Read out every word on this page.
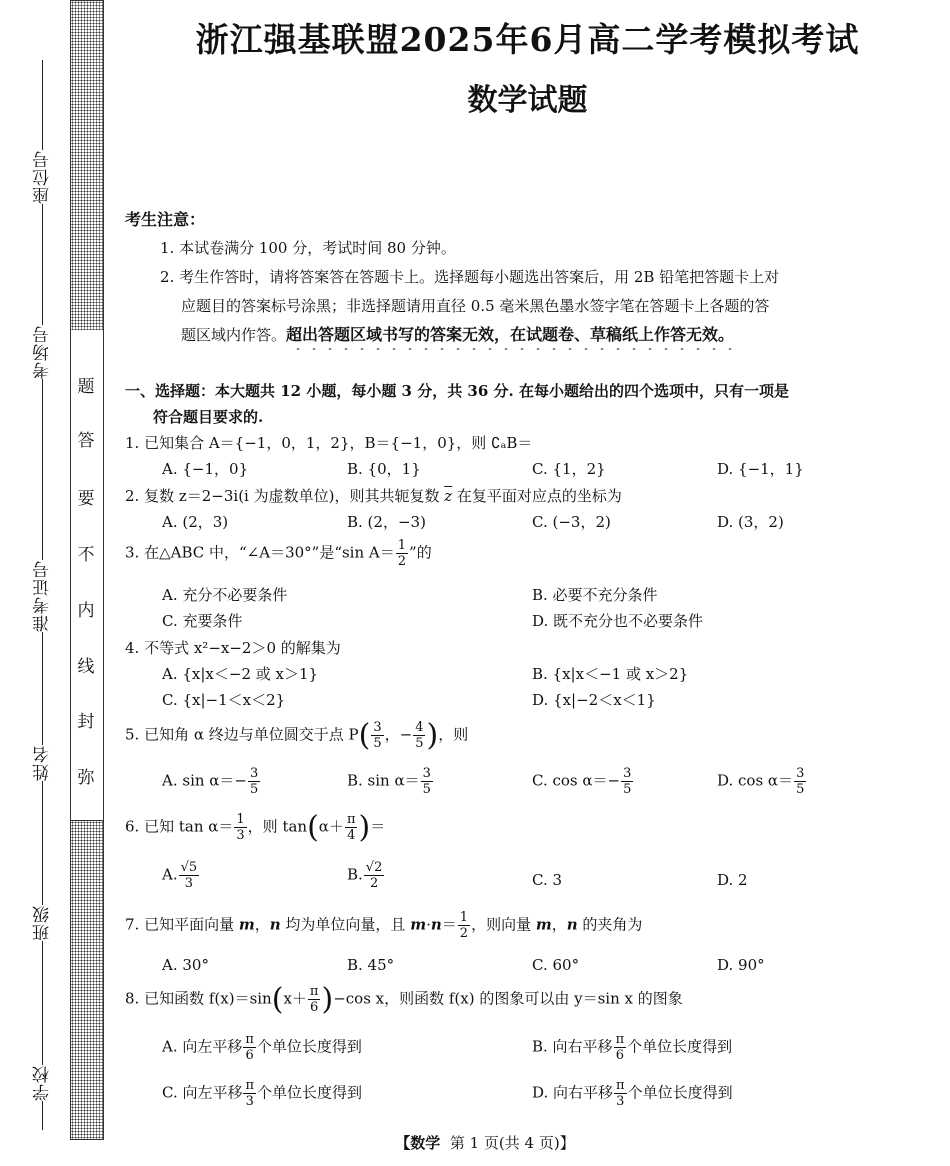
座位号
考场号
准考证号
姓名
班级
学校
题
答
要
不
内
线
封
弥
浙江强基联盟2025年6月高二学考模拟考试
数学试题
考生注意：
1. 本试卷满分 100 分，考试时间 80 分钟。
2. 考生作答时，请将答案答在答题卡上。选择题每小题选出答案后，用 2B 铅笔把答题卡上对
应题目的答案标号涂黑；非选择题请用直径 0.5 毫米黑色墨水签字笔在答题卡上各题的答
题区域内作答。超出答题区域书写的答案无效，在试题卷、草稿纸上作答无效。
一、选择题：本大题共 12 小题，每小题 3 分，共 36 分. 在每小题给出的四个选项中，只有一项是
符合题目要求的.
1. 已知集合 A＝{−1，0，1，2}，B＝{−1，0}，则 ∁ₐB＝
A. {−1，0}	B. {0，1}	C. {1，2}	D. {−1，1}
2. 复数 z＝2−3i(i 为虚数单位)，则其共轭复数 $\overline{z}$ 在复平面对应点的坐标为
A. (2，3)	B. (2，−3)	C. (−3，2)	D. (3，2)
3. 在△ABC 中，“∠A＝30°”是“sin $A= \frac{1}{2}$ ”的
A. 充分不必要条件	B. 必要不充分条件
C. 充要条件	D. 既不充分也不必要条件
4. 不等式 x²−x−2＞0 的解集为
A. {x|x＜−2 或 x＞1}	B. {x|x＜−1 或 x＞2}
C. {x|−1＜x＜2}	D. {x|−2＜x＜1}
5. 已知角 α 终边与单位圆交于点 $P( \frac{3}{5}$ ，− $\frac{4}{5}$ )，则
A. $\sin \alpha=- \frac{3}{5}$	B. $\sin \alpha= \frac{3}{5}$	C. $\cos \alpha=- \frac{3}{5}$	D. $\cos \alpha= \frac{3}{5}$
6. 已知 $\tan \alpha= \frac{1}{3}$ ，则 $\tan(\alpha+ \frac{\pi}{4}$ )＝
A. $\frac{√5}{3}$	B. $\frac{√2}{2}$	C. 3	D. 2
7. 已知平面向量 m，n 均为单位向量，且 $m\cdot n= \frac{1}{2}$ ，则向量 m，n 的夹角为
A. 30°	B. 45°	C. 60°	D. 90°
8. 已知函数 $f(x)=\sin(x+ \frac{\pi}{6} )-\cos$ x，则函数 f(x) 的图象可以由 y＝sin x 的图象
A. 向左平移 $\frac{\pi}{6}$ 个单位长度得到	B. 向右平移 $\frac{\pi}{6}$ 个单位长度得到
C. 向左平移 $\frac{\pi}{3}$ 个单位长度得到	D. 向右平移 $\frac{\pi}{3}$ 个单位长度得到
【数学 第 1 页(共 4 页)】
